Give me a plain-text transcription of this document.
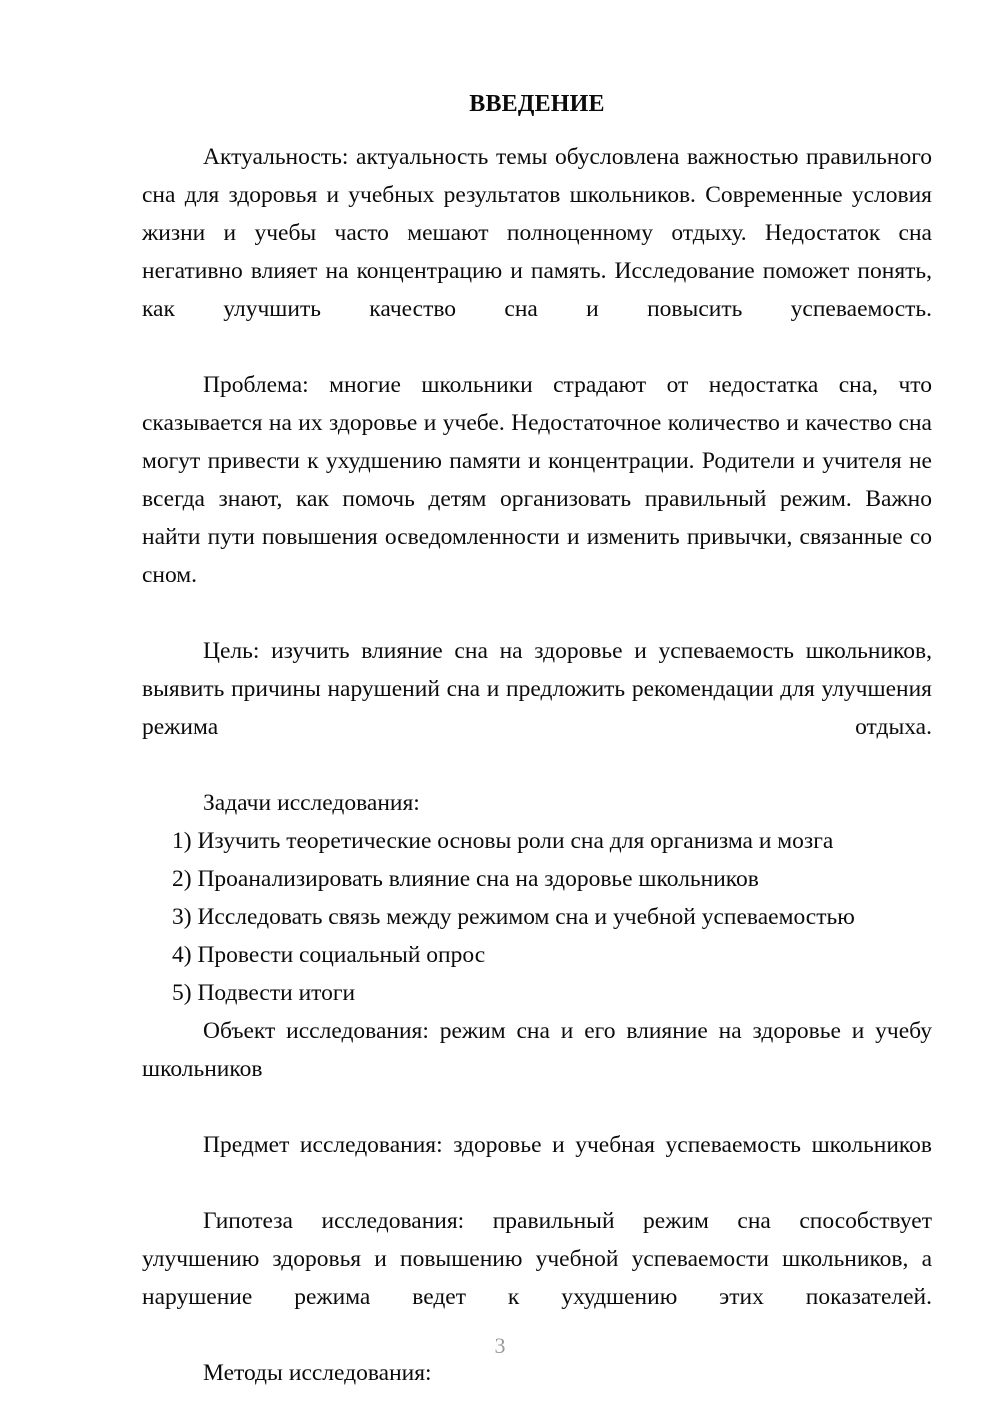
ВВЕДЕНИЕ

Актуальность: актуальность темы обусловлена важностью правильного сна для здоровья и учебных результатов школьников. Современные условия жизни и учебы часто мешают полноценному отдыху. Недостаток сна негативно влияет на концентрацию и память. Исследование поможет понять, как улучшить качество сна и повысить успеваемость.

Проблема: многие школьники страдают от недостатка сна, что сказывается на их здоровье и учебе. Недостаточное количество и качество сна могут привести к ухудшению памяти и концентрации. Родители и учителя не всегда знают, как помочь детям организовать правильный режим. Важно найти пути повышения осведомленности и изменить привычки, связанные со сном.

Цель: изучить влияние сна на здоровье и успеваемость школьников, выявить причины нарушений сна и предложить рекомендации для улучшения режима отдыха.

Задачи исследования:

1) Изучить теоретические основы роли сна для организма и мозга
2) Проанализировать влияние сна на здоровье школьников
3) Исследовать связь между режимом сна и учебной успеваемостью
4) Провести социальный опрос
5) Подвести итоги

Объект исследования: режим сна и его влияние на здоровье и учебу школьников

Предмет исследования: здоровье и учебная успеваемость школьников

Гипотеза исследования: правильный режим сна способствует улучшению здоровья и повышению учебной успеваемости школьников, а нарушение режима ведет к ухудшению этих показателей.

Методы исследования:

3
